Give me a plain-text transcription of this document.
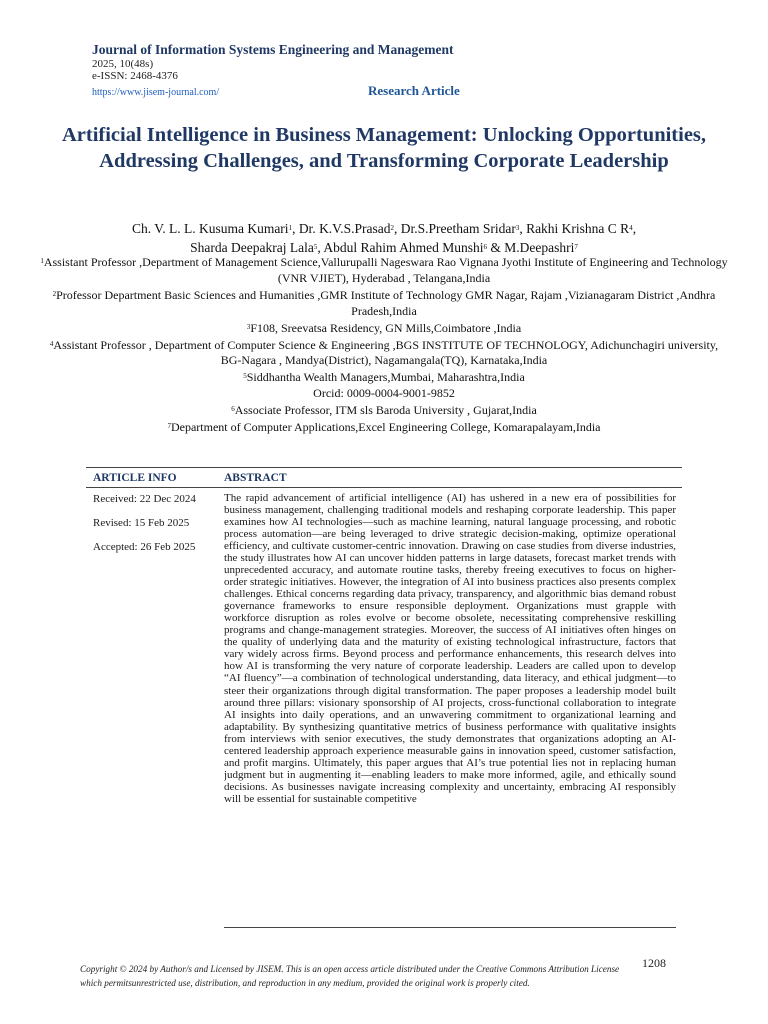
Journal of Information Systems Engineering and Management

2025, 10(48s)

e-ISSN: 2468-4376

https://www.jisem-journal.com/	Research Article
Artificial Intelligence in Business Management: Unlocking Opportunities, Addressing Challenges, and Transforming Corporate Leadership
Ch. V. L. L. Kusuma Kumari$^1$, Dr. K.V.S.Prasad$^2$, Dr.S.Preetham Sridar$^3$, Rakhi Krishna C $R^4$,
Sharda Deepakraj Lala$^5$, Abdul Rahim Ahmed Munshi$^6$ & M.Deepashri$^7$

$^1$Assistant Professor ,Department of Management Science,Vallurupalli Nageswara Rao Vignana Jyothi Institute of Engineering and Technology (VNR VJIET), Hyderabad , Telangana,India

$^2$Professor Department Basic Sciences and Humanities ,GMR Institute of Technology GMR Nagar, Rajam ,Vizianagaram District ,Andhra Pradesh,India

$^3$F108, Sreevatsa Residency, GN Mills,Coimbatore ,India

$^4$Assistant Professor , Department of Computer Science & Engineering ,BGS INSTITUTE OF TECHNOLOGY, Adichunchagiri university, BG-Nagara , Mandya(District), Nagamangala(TQ), Karnataka,India

$^5$Siddhantha Wealth Managers,Mumbai, Maharashtra,India

Orcid: 0009-0004-9001-9852

$^6$Associate Professor, ITM sls Baroda University , Gujarat,India

$^7$Department of Computer Applications,Excel Engineering College, Komarapalayam,India

ARTICLE INFO	ABSTRACT
Received: 22 Dec 2024
Revised: 15 Feb 2025
Accepted: 26 Feb 2025
The rapid advancement of artificial intelligence (AI) has ushered in a new era of possibilities for business management, challenging traditional models and reshaping corporate leadership. This paper examines how AI technologies—such as machine learning, natural language processing, and robotic process automation—are being leveraged to drive strategic decision-making, optimize operational efficiency, and cultivate customer-centric innovation. Drawing on case studies from diverse industries, the study illustrates how AI can uncover hidden patterns in large datasets, forecast market trends with unprecedented accuracy, and automate routine tasks, thereby freeing executives to focus on higher-order strategic initiatives. However, the integration of AI into business practices also presents complex challenges. Ethical concerns regarding data privacy, transparency, and algorithmic bias demand robust governance frameworks to ensure responsible deployment. Organizations must grapple with workforce disruption as roles evolve or become obsolete, necessitating comprehensive reskilling programs and change-management strategies. Moreover, the success of AI initiatives often hinges on the quality of underlying data and the maturity of existing technological infrastructure, factors that vary widely across firms. Beyond process and performance enhancements, this research delves into how AI is transforming the very nature of corporate leadership. Leaders are called upon to develop “AI fluency”—a combination of technological understanding, data literacy, and ethical judgment—to steer their organizations through digital transformation. The paper proposes a leadership model built around three pillars: visionary sponsorship of AI projects, cross-functional collaboration to integrate AI insights into daily operations, and an unwavering commitment to organizational learning and adaptability. By synthesizing quantitative metrics of business performance with qualitative insights from interviews with senior executives, the study demonstrates that organizations adopting an AI-centered leadership approach experience measurable gains in innovation speed, customer satisfaction, and profit margins. Ultimately, this paper argues that AI’s true potential lies not in replacing human judgment but in augmenting it—enabling leaders to make more informed, agile, and ethically sound decisions. As businesses navigate increasing complexity and uncertainty, embracing AI responsibly will be essential for sustainable competitive
Copyright © 2024 by Author/s and Licensed by JISEM. This is an open access article distributed under the Creative Commons Attribution License which permitsunrestricted use, distribution, and reproduction in any medium, provided the original work is properly cited.
1208
